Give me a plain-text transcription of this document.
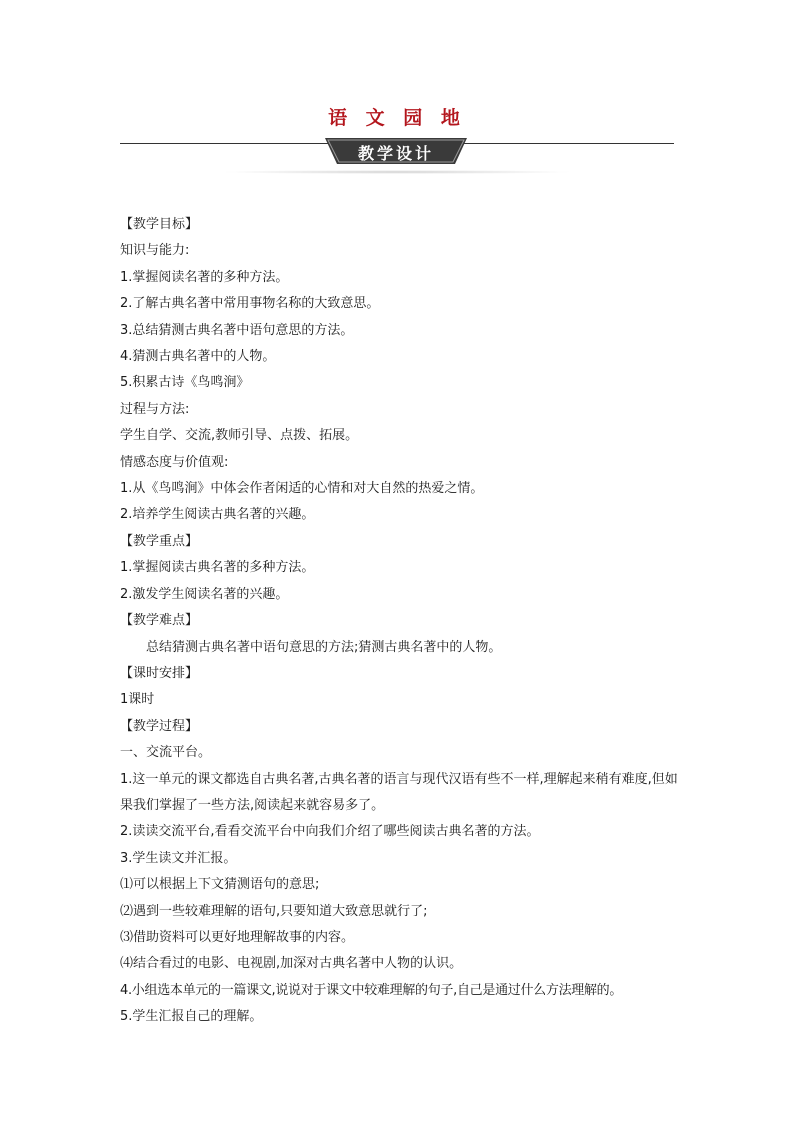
语 文 园 地
教学设计
【教学目标】
知识与能力:
1.掌握阅读名著的多种方法。
2.了解古典名著中常用事物名称的大致意思。
3.总结猜测古典名著中语句意思的方法。
4.猜测古典名著中的人物。
5.积累古诗《鸟鸣涧》
过程与方法:
学生自学、交流,教师引导、点拨、拓展。
情感态度与价值观:
1.从《鸟鸣涧》中体会作者闲适的心情和对大自然的热爱之情。
2.培养学生阅读古典名著的兴趣。
【教学重点】
1.掌握阅读古典名著的多种方法。
2.激发学生阅读名著的兴趣。
【教学难点】
总结猜测古典名著中语句意思的方法;猜测古典名著中的人物。
【课时安排】
1课时
【教学过程】
一、交流平台。
1.这一单元的课文都选自古典名著,古典名著的语言与现代汉语有些不一样,理解起来稍有难度,但如果我们掌握了一些方法,阅读起来就容易多了。
2.读读交流平台,看看交流平台中向我们介绍了哪些阅读古典名著的方法。
3.学生读文并汇报。
⑴可以根据上下文猜测语句的意思;
⑵遇到一些较难理解的语句,只要知道大致意思就行了;
⑶借助资料可以更好地理解故事的内容。
⑷结合看过的电影、电视剧,加深对古典名著中人物的认识。
4.小组选本单元的一篇课文,说说对于课文中较难理解的句子,自己是通过什么方法理解的。
5.学生汇报自己的理解。
